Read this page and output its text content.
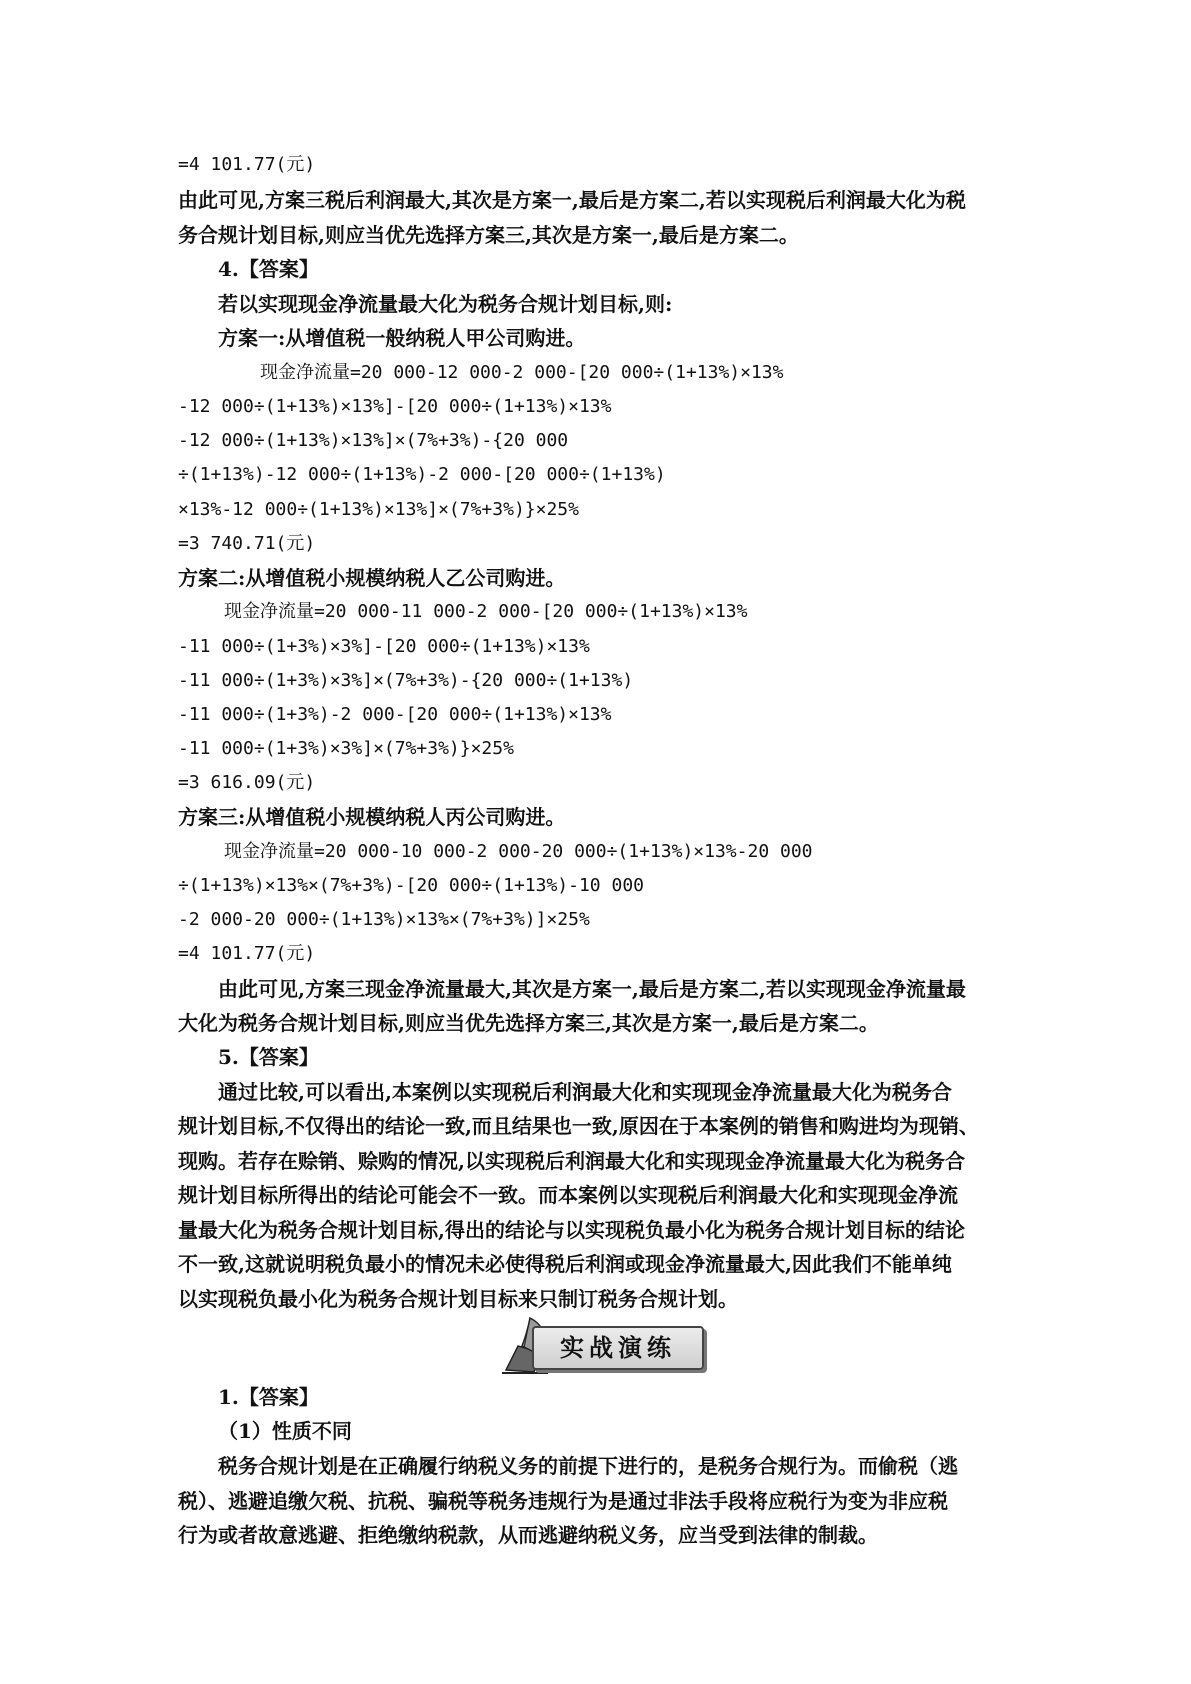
=4 101.77(元)
由此可见,方案三税后利润最大,其次是方案一,最后是方案二,若以实现税后利润最大化为税
务合规计划目标,则应当优先选择方案三,其次是方案一,最后是方案二。
4.【答案】
若以实现现金净流量最大化为税务合规计划目标,则:
方案一:从增值税一般纳税人甲公司购进。
现金净流量=20 000-12 000-2 000-[20 000÷(1+13%)×13%
-12 000÷(1+13%)×13%]-[20 000÷(1+13%)×13%
-12 000÷(1+13%)×13%]×(7%+3%)-{20 000
÷(1+13%)-12 000÷(1+13%)-2 000-[20 000÷(1+13%)
×13%-12 000÷(1+13%)×13%]×(7%+3%)}×25%
=3 740.71(元)
方案二:从增值税小规模纳税人乙公司购进。
现金净流量=20 000-11 000-2 000-[20 000÷(1+13%)×13%
-11 000÷(1+3%)×3%]-[20 000÷(1+13%)×13%
-11 000÷(1+3%)×3%]×(7%+3%)-{20 000÷(1+13%)
-11 000÷(1+3%)-2 000-[20 000÷(1+13%)×13%
-11 000÷(1+3%)×3%]×(7%+3%)}×25%
=3 616.09(元)
方案三:从增值税小规模纳税人丙公司购进。
现金净流量=20 000-10 000-2 000-20 000÷(1+13%)×13%-20 000
÷(1+13%)×13%×(7%+3%)-[20 000÷(1+13%)-10 000
-2 000-20 000÷(1+13%)×13%×(7%+3%)]×25%
=4 101.77(元)
由此可见,方案三现金净流量最大,其次是方案一,最后是方案二,若以实现现金净流量最
大化为税务合规计划目标,则应当优先选择方案三,其次是方案一,最后是方案二。
5.【答案】
通过比较,可以看出,本案例以实现税后利润最大化和实现现金净流量最大化为税务合
规计划目标,不仅得出的结论一致,而且结果也一致,原因在于本案例的销售和购进均为现销、
现购。若存在赊销、赊购的情况,以实现税后利润最大化和实现现金净流量最大化为税务合
规计划目标所得出的结论可能会不一致。而本案例以实现税后利润最大化和实现现金净流
量最大化为税务合规计划目标,得出的结论与以实现税负最小化为税务合规计划目标的结论
不一致,这就说明税负最小的情况未必使得税后利润或现金净流量最大,因此我们不能单纯
以实现税负最小化为税务合规计划目标来只制订税务合规计划。
实战演练
1.【答案】
（1）性质不同
税务合规计划是在正确履行纳税义务的前提下进行的，是税务合规行为。而偷税（逃
税）、逃避追缴欠税、抗税、骗税等税务违规行为是通过非法手段将应税行为变为非应税
行为或者故意逃避、拒绝缴纳税款，从而逃避纳税义务，应当受到法律的制裁。
